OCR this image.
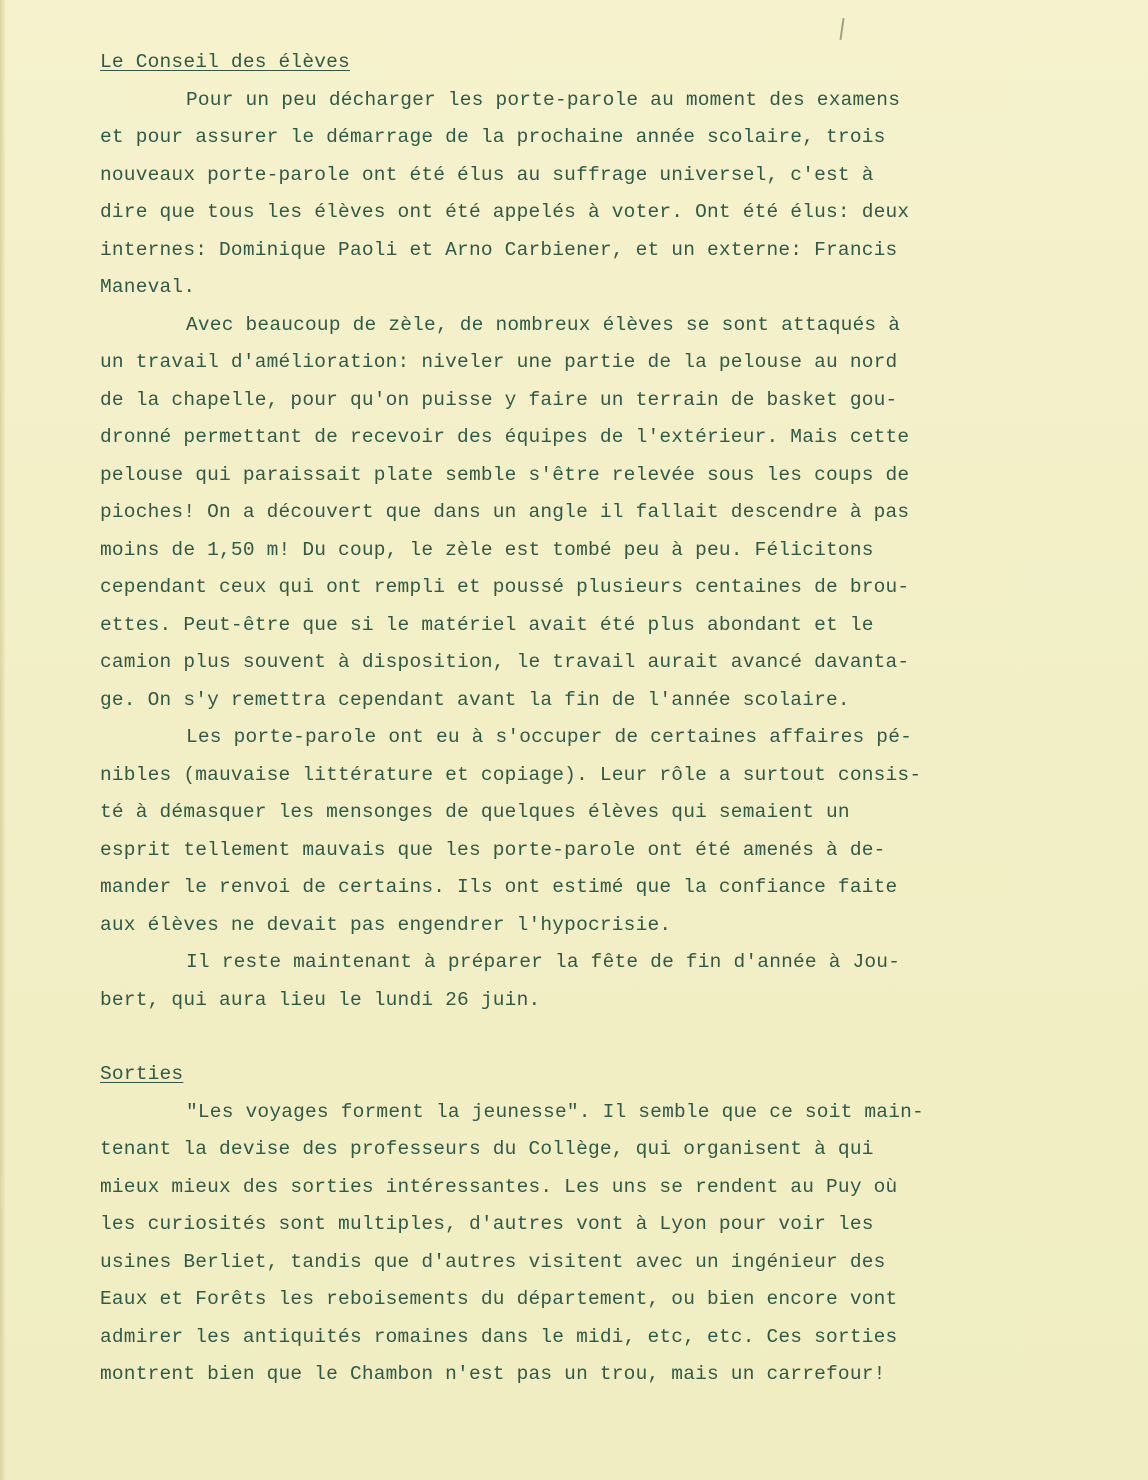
Le Conseil des élèves
Pour un peu décharger les porte-parole au moment des examens
et pour assurer le démarrage de la prochaine année scolaire, trois
nouveaux porte-parole ont été élus au suffrage universel, c'est à
dire que tous les élèves ont été appelés à voter. Ont été élus: deux
internes: Dominique Paoli et Arno Carbiener, et un externe: Francis
Maneval.
Avec beaucoup de zèle, de nombreux élèves se sont attaqués à
un travail d'amélioration: niveler une partie de la pelouse au nord
de la chapelle, pour qu'on puisse y faire un terrain de basket gou-
dronné permettant de recevoir des équipes de l'extérieur. Mais cette
pelouse qui paraissait plate semble s'être relevée sous les coups de
pioches! On a découvert que dans un angle il fallait descendre à pas
moins de 1,50 m! Du coup, le zèle est tombé peu à peu. Félicitons
cependant ceux qui ont rempli et poussé plusieurs centaines de brou-
ettes. Peut-être que si le matériel avait été plus abondant et le
camion plus souvent à disposition, le travail aurait avancé davanta-
ge. On s'y remettra cependant avant la fin de l'année scolaire.
Les porte-parole ont eu à s'occuper de certaines affaires pé-
nibles (mauvaise littérature et copiage). Leur rôle a surtout consis-
té à démasquer les mensonges de quelques élèves qui semaient un
esprit tellement mauvais que les porte-parole ont été amenés à de-
mander le renvoi de certains. Ils ont estimé que la confiance faite
aux élèves ne devait pas engendrer l'hypocrisie.
Il reste maintenant à préparer la fête de fin d'année à Jou-
bert, qui aura lieu le lundi 26 juin.
Sorties
"Les voyages forment la jeunesse". Il semble que ce soit main-
tenant la devise des professeurs du Collège, qui organisent à qui
mieux mieux des sorties intéressantes. Les uns se rendent au Puy où
les curiosités sont multiples, d'autres vont à Lyon pour voir les
usines Berliet, tandis que d'autres visitent avec un ingénieur des
Eaux et Forêts les reboisements du département, ou bien encore vont
admirer les antiquités romaines dans le midi, etc, etc. Ces sorties
montrent bien que le Chambon n'est pas un trou, mais un carrefour!
